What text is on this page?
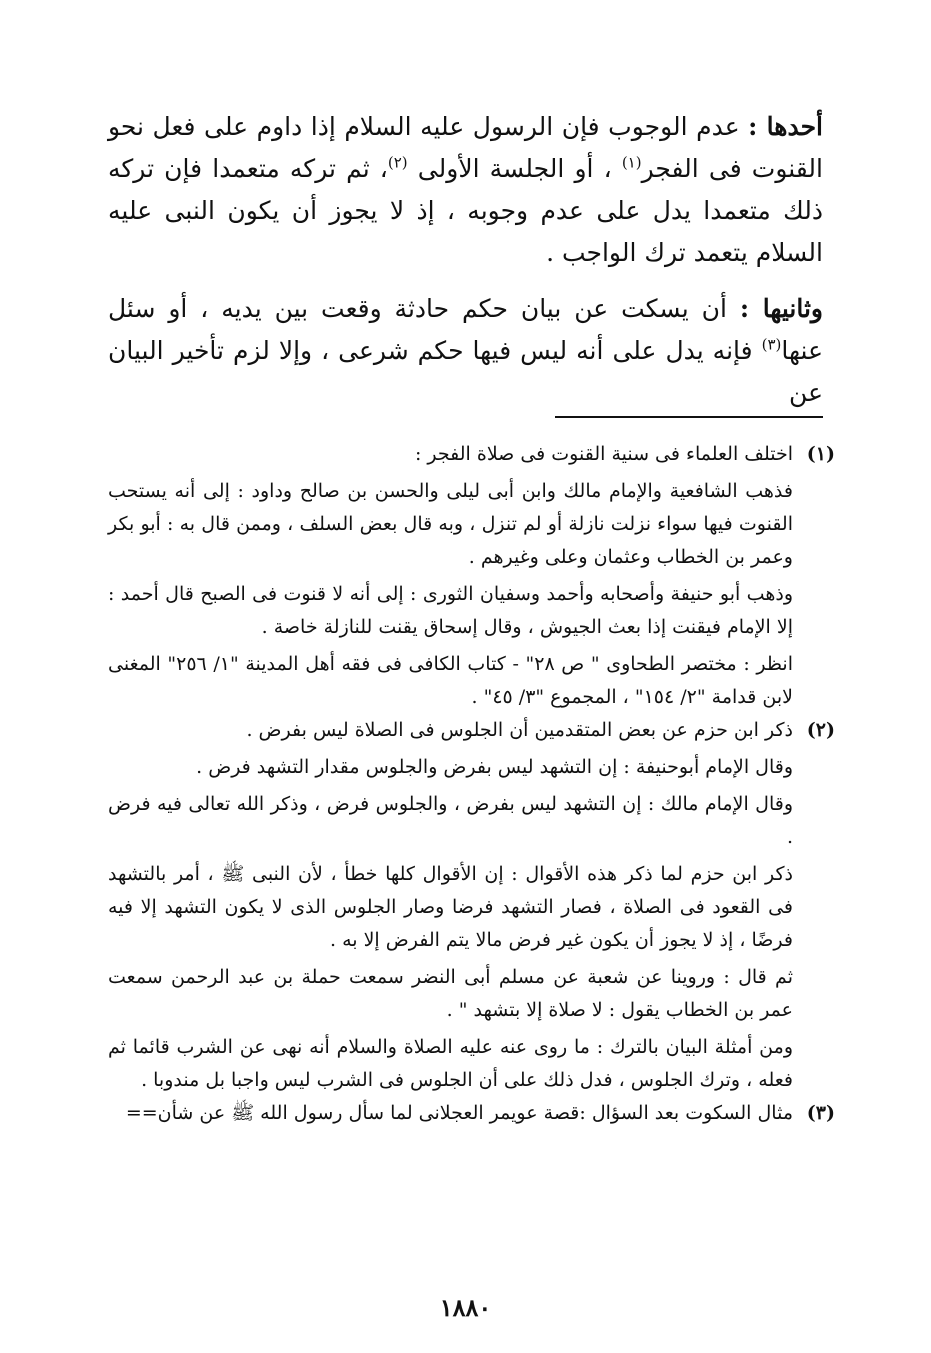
أحدها : عدم الوجوب فإن الرسول عليه السلام إذا داوم على فعل نحو القنوت فى الفجر$^{(١)}$ ، أو الجلسة الأولى $^{(٢)}$، ثم تركه متعمدا فإن تركه ذلك متعمدا يدل على عدم وجوبه ، إذ لا يجوز أن يكون النبى عليه السلام يتعمد ترك الواجب .

وثانيها : أن يسكت عن بيان حكم حادثة وقعت بين يديه ، أو سئل عنها$^{(٣)}$ فإنه يدل على أنه ليس فيها حكم شرعى ، وإلا لزم تأخير البيان عن

(١)

اختلف العلماء فى سنية القنوت فى صلاة الفجر :

فذهب الشافعية والإمام مالك وابن أبى ليلى والحسن بن صالح وداود : إلى أنه يستحب القنوت فيها سواء نزلت نازلة أو لم تنزل ، وبه قال بعض السلف ، وممن قال به : أبو بكر وعمر بن الخطاب وعثمان وعلى وغيرهم .

وذهب أبو حنيفة وأصحابه وأحمد وسفيان الثورى : إلى أنه لا قنوت فى الصبح قال أحمد : إلا الإمام فيقنت إذا بعث الجيوش ، وقال إسحاق يقنت للنازلة خاصة .

انظر : مختصر الطحاوى " ص ٢٨" - كتاب الكافى فى فقه أهل المدينة "١/ ٢٥٦" المغنى لابن قدامة "٢/ ١٥٤" ، المجموع "٣/ ٤٥" .

(٢)

ذكر ابن حزم عن بعض المتقدمين أن الجلوس فى الصلاة ليس بفرض .

وقال الإمام أبوحنيفة : إن التشهد ليس بفرض والجلوس مقدار التشهد فرض .

وقال الإمام مالك : إن التشهد ليس بفرض ، والجلوس فرض ، وذكر الله تعالى فيه فرض .

ذكر ابن حزم لما ذكر هذه الأقوال : إن الأقوال كلها خطأ ، لأن النبى ﷺ ، أمر بالتشهد فى القعود فى الصلاة ، فصار التشهد فرضا وصار الجلوس الذى لا يكون التشهد إلا فيه فرضًا ، إذ لا يجوز أن يكون غير فرض مالا يتم الفرض إلا به .

ثم قال : وروينا عن شعبة عن مسلم أبى النضر سمعت حملة بن عبد الرحمن سمعت عمر بن الخطاب يقول : لا صلاة إلا بتشهد " .

ومن أمثلة البيان بالترك : ما روى عنه عليه الصلاة والسلام أنه نهى عن الشرب قائما ثم فعله ، وترك الجلوس ، فدل ذلك على أن الجلوس فى الشرب ليس واجبا بل مندوبا .

(٣)

مثال السكوت بعد السؤال :قصة عويمر العجلانى لما سأل رسول الله ﷺ عن شأن==

١٨٨٠
